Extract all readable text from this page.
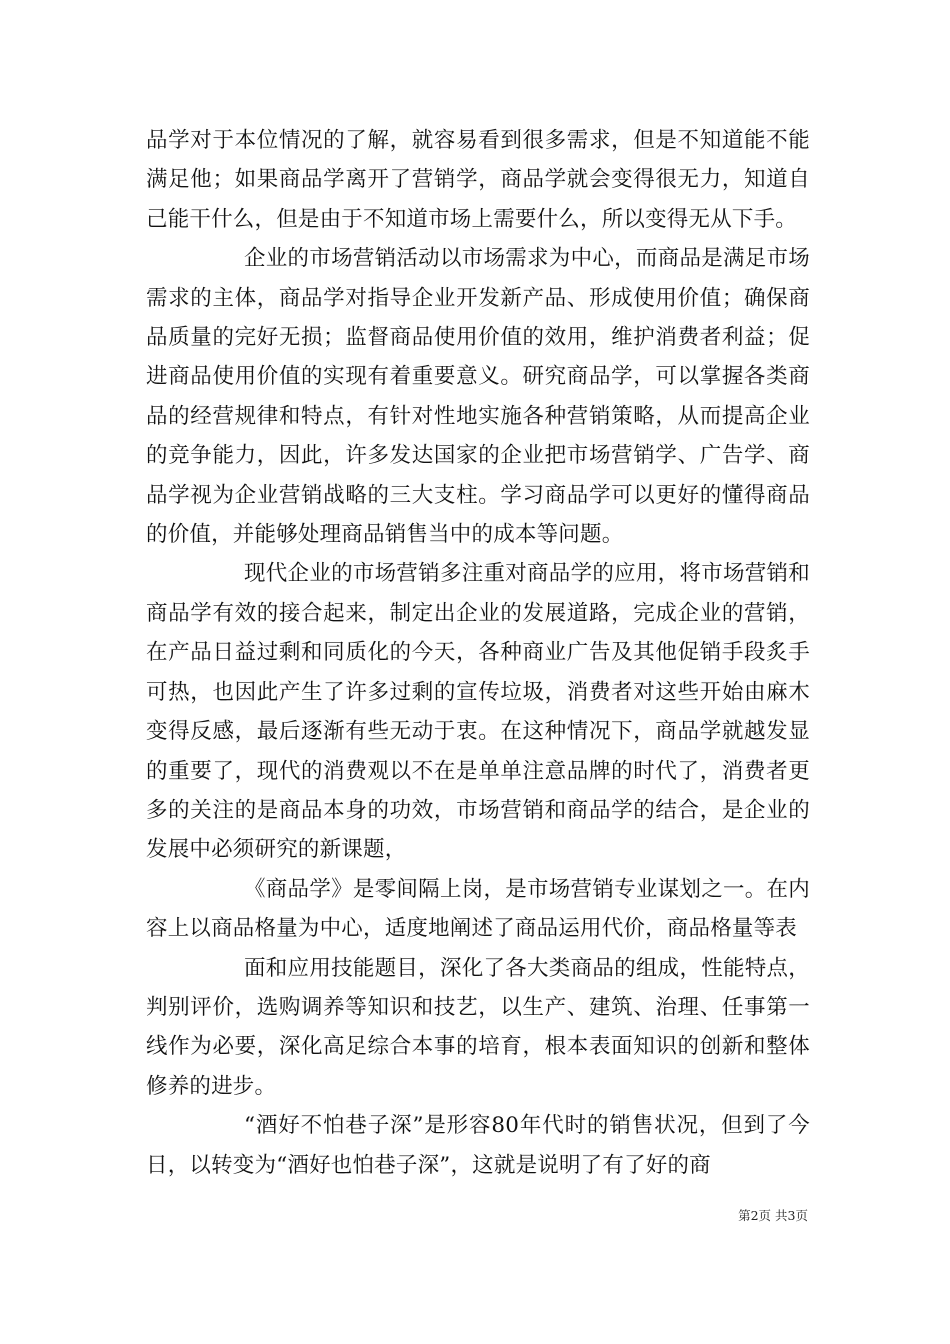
品学对于本位情况的了解，就容易看到很多需求，但是不知道能不能满足他；如果商品学离开了营销学，商品学就会变得很无力，知道自己能干什么，但是由于不知道市场上需要什么，所以变得无从下手。

企业的市场营销活动以市场需求为中心，而商品是满足市场需求的主体，商品学对指导企业开发新产品、形成使用价值；确保商品质量的完好无损；监督商品使用价值的效用，维护消费者利益；促进商品使用价值的实现有着重要意义。研究商品学，可以掌握各类商品的经营规律和特点，有针对性地实施各种营销策略，从而提高企业的竞争能力，因此，许多发达国家的企业把市场营销学、广告学、商品学视为企业营销战略的三大支柱。学习商品学可以更好的懂得商品的价值，并能够处理商品销售当中的成本等问题。

现代企业的市场营销多注重对商品学的应用，将市场营销和商品学有效的接合起来，制定出企业的发展道路，完成企业的营销，在产品日益过剩和同质化的今天，各种商业广告及其他促销手段炙手可热，也因此产生了许多过剩的宣传垃圾，消费者对这些开始由麻木变得反感，最后逐渐有些无动于衷。在这种情况下，商品学就越发显的重要了，现代的消费观以不在是单单注意品牌的时代了，消费者更多的关注的是商品本身的功效，市场营销和商品学的结合，是企业的发展中必须研究的新课题，

《商品学》是零间隔上岗，是市场营销专业谋划之一。在内容上以商品格量为中心，适度地阐述了商品运用代价，商品格量等表

面和应用技能题目，深化了各大类商品的组成，性能特点，判别评价，选购调养等知识和技艺，以生产、建筑、治理、任事第一线作为必要，深化高足综合本事的培育，根本表面知识的创新和整体修养的进步。

“酒好不怕巷子深”是形容80年代时的销售状况，但到了今日，以转变为“酒好也怕巷子深”，这就是说明了有了好的商

第2页 共3页
